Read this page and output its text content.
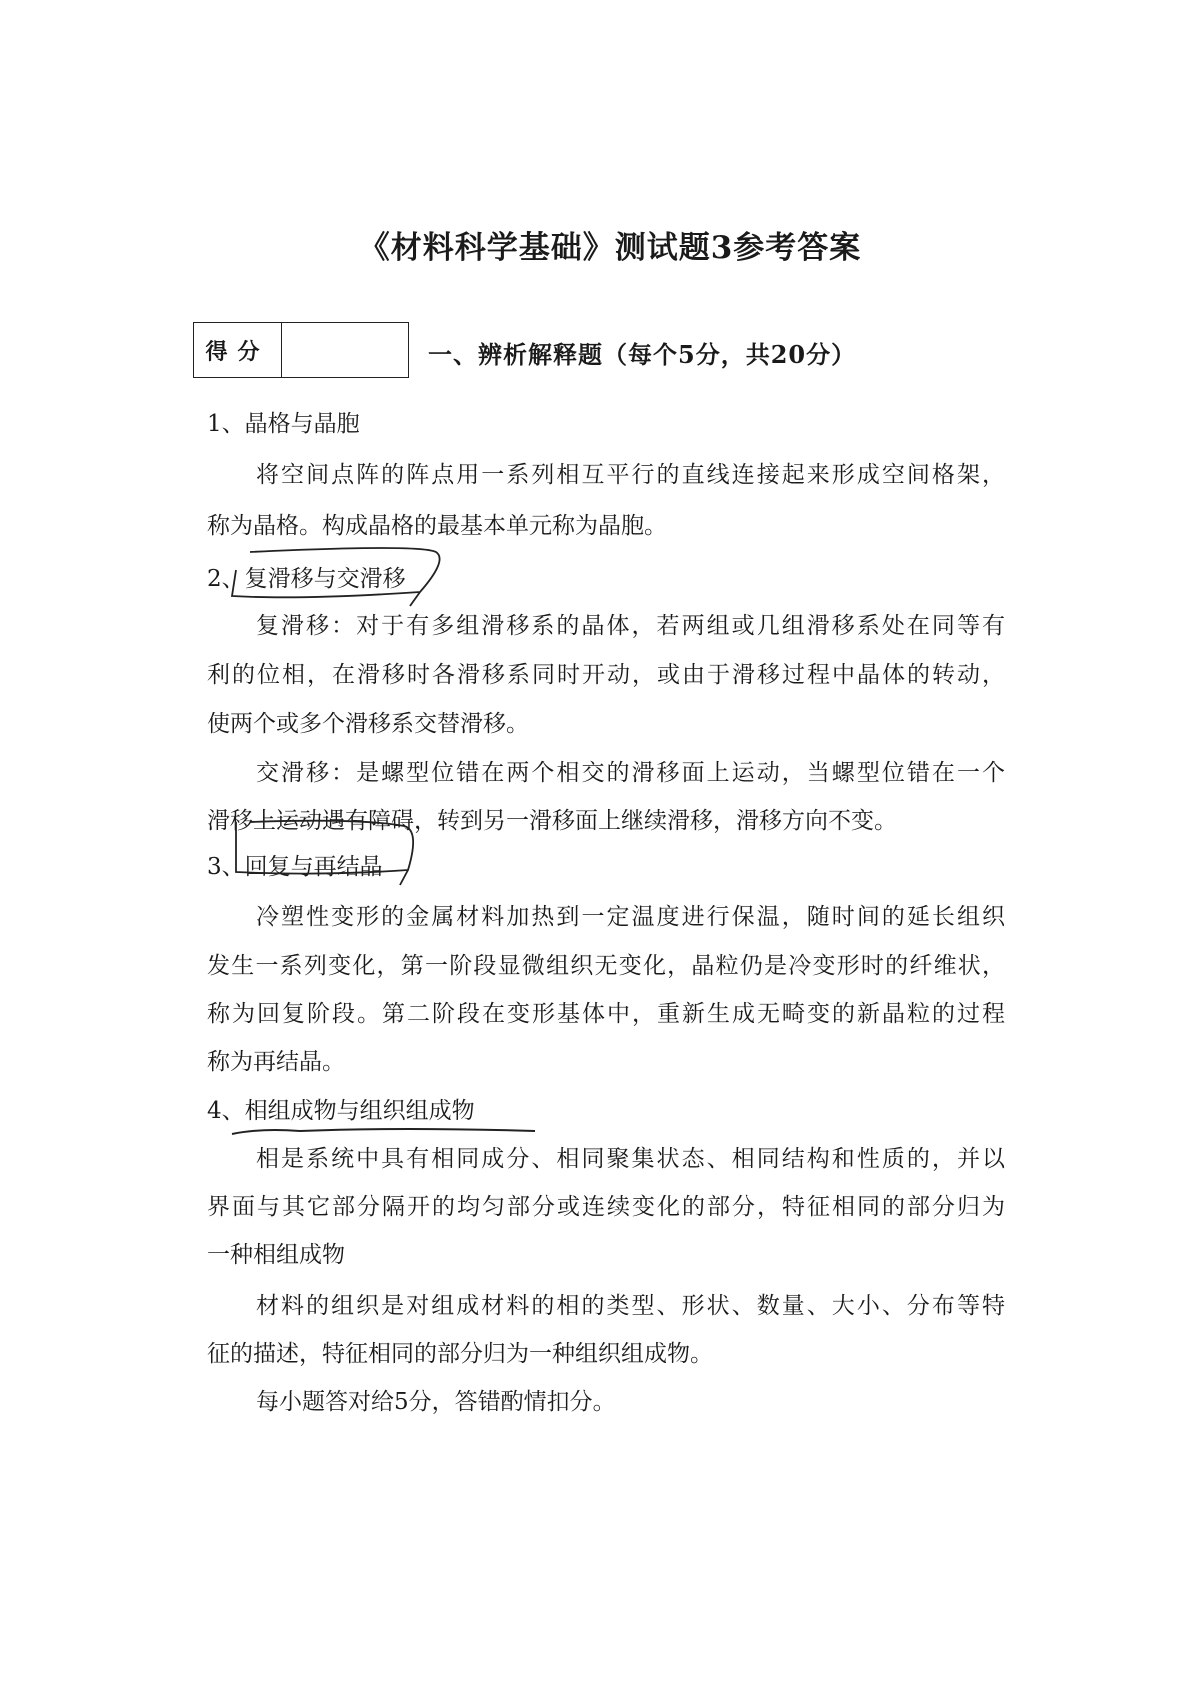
《材料科学基础》测试题3参考答案
得分	一、辨析解释题（每个5分，共20分）
1、晶格与晶胞
将空间点阵的阵点用一系列相互平行的直线连接起来形成空间格架，
称为晶格。构成晶格的最基本单元称为晶胞。
2、复滑移与交滑移
复滑移：对于有多组滑移系的晶体，若两组或几组滑移系处在同等有
利的位相，在滑移时各滑移系同时开动，或由于滑移过程中晶体的转动，
使两个或多个滑移系交替滑移。
交滑移：是螺型位错在两个相交的滑移面上运动，当螺型位错在一个
滑移上运动遇有障碍，转到另一滑移面上继续滑移，滑移方向不变。
3、回复与再结晶
冷塑性变形的金属材料加热到一定温度进行保温，随时间的延长组织
发生一系列变化，第一阶段显微组织无变化，晶粒仍是冷变形时的纤维状，
称为回复阶段。第二阶段在变形基体中，重新生成无畸变的新晶粒的过程
称为再结晶。
4、相组成物与组织组成物
相是系统中具有相同成分、相同聚集状态、相同结构和性质的，并以
界面与其它部分隔开的均匀部分或连续变化的部分，特征相同的部分归为
一种相组成物
材料的组织是对组成材料的相的类型、形状、数量、大小、分布等特
征的描述，特征相同的部分归为一种组织组成物。
每小题答对给5分，答错酌情扣分。
